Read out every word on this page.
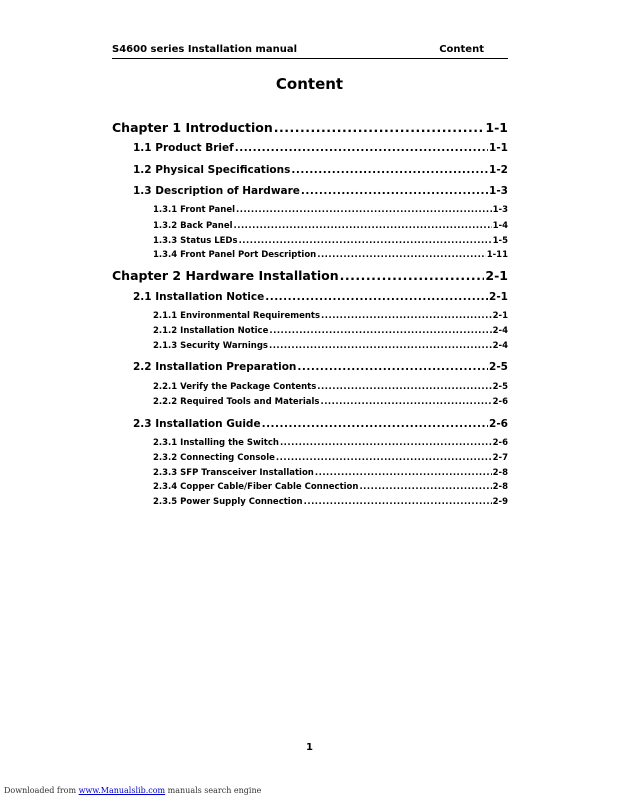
S4600 series Installation manual	Content
Content
Chapter 1 Introduction .....	1-1
1.1 Product Brief .....	1-1
1.2 Physical Specifications .....	1-2
1.3 Description of Hardware .....	1-3
1.3.1 Front Panel .....	1-3
1.3.2 Back Panel .....	1-4
1.3.3 Status LEDs .....	1-5
1.3.4 Front Panel Port Description .....	1-11
Chapter 2 Hardware Installation .....	2-1
2.1 Installation Notice .....	2-1
2.1.1 Environmental Requirements .....	2-1
2.1.2 Installation Notice .....	2-4
2.1.3 Security Warnings .....	2-4
2.2 Installation Preparation .....	2-5
2.2.1 Verify the Package Contents .....	2-5
2.2.2 Required Tools and Materials .....	2-6
2.3 Installation Guide .....	2-6
2.3.1 Installing the Switch .....	2-6
2.3.2 Connecting Console .....	2-7
2.3.3 SFP Transceiver Installation .....	2-8
2.3.4 Copper Cable/Fiber Cable Connection .....	2-8
2.3.5 Power Supply Connection .....	2-9
1
Downloaded from www.Manualslib.com manuals search engine
